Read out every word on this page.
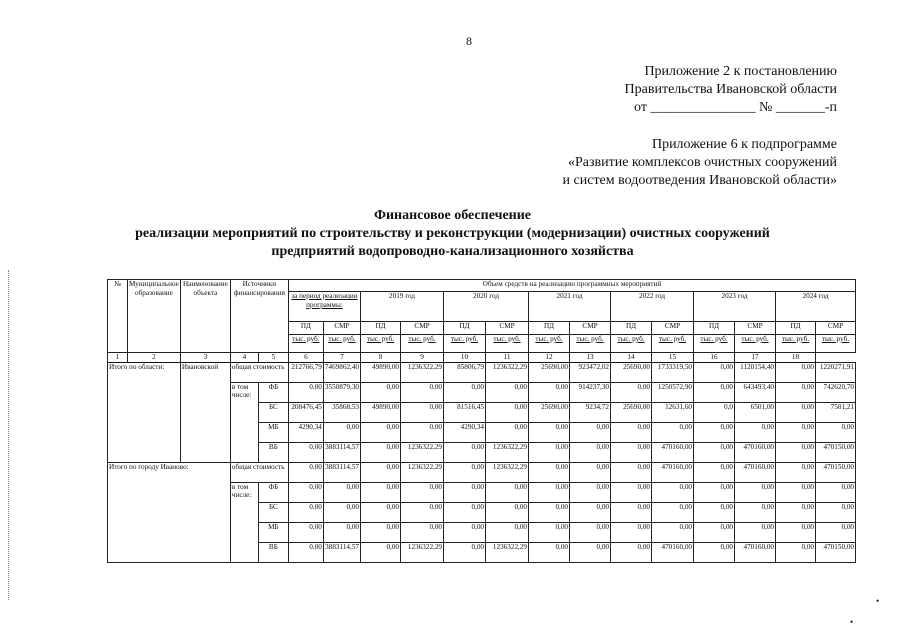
8
Приложение 2 к постановлению
Правительства Ивановской области
от _______________ № _______-п
Приложение 6 к подпрограмме
«Развитие комплексов очистных сооружений
и систем водоотведения Ивановской области»
Финансовое обеспечение
реализации мероприятий по строительству и реконструкции (модернизации) очистных сооружений
предприятий водопроводно-канализационного хозяйства
№	Муниципальное образование	Наименование объекта	Источники финансирования		Объем средств на реализацию программных мероприятий													
					за период реализации программы:		2019 год		2020 год		2021 год		2022 год		2023 год		2024 год	
					ПД	СМР	ПД	СМР	ПД	СМР	ПД	СМР	ПД	СМР	ПД	СМР	ПД	СМР
					тыс. руб.	тыс. руб.	тыс. руб.	тыс. руб.	тыс. руб.	тыс. руб.	тыс. руб.	тыс. руб.	тыс. руб.	тыс. руб.	тыс. руб.	тыс. руб.	тыс. руб.	тыс. руб.
1	2	3	4	5	6	7	8	9	10	11	12	13	14	15	16	17	18	
Итого по области:		Ивановской	общая стоимость		212766,79	7469862,40	49890,00	1236322,29	85806,79	1236322,29	25690,00	923472,02	25690,00	1733319,50	0,00	1120154,40	0,00	1220271,91
			в том числе:	ФБ	0,00	3550879,30	0,00	0,00	0,00	0,00	0,00	914237,30	0,00	1250572,90	0,00	643493,40	0,00	742620,70
				БС	208476,45	35868,53	49890,00	0,00	81516,45	0,00	25690,00	9234,72	25690,00	12631,60	0,0	6501,00	0,00	7501,21
				МБ	4290,34	0,00	0,00	0,00	4290,34	0,00	0,00	0,00	0,00	0,00	0,00	0,00	0,00	0,00
				ВБ	0,00	3883114,57	0,00	1236322,29	0,00	1236322,29	0,00	0,00	0,00	470160,00	0,00	470160,00	0,00	470150,00
Итого по городу Иваново:			общая стоимость		0,00	3883114,57	0,00	1236322,29	0,00	1236322,29	0,00	0,00	0,00	470160,00	0,00	470160,00	0,00	470150,00
			в том числе:	ФБ	0,00	0,00	0,00	0,00	0,00	0,00	0,00	0,00	0,00	0,00	0,00	0,00	0,00	0,00
				БС	0,00	0,00	0,00	0,00	0,00	0,00	0,00	0,00	0,00	0,00	0,00	0,00	0,00	0,00
				МБ	0,00	0,00	0,00	0,00	0,00	0,00	0,00	0,00	0,00	0,00	0,00	0,00	0,00	0,00
				ВБ	0,00	3883114,57	0,00	1236322,29	0,00	1236322,29	0,00	0,00	0,00	470160,00	0,00	470160,00	0,00	470150,00
•
•
